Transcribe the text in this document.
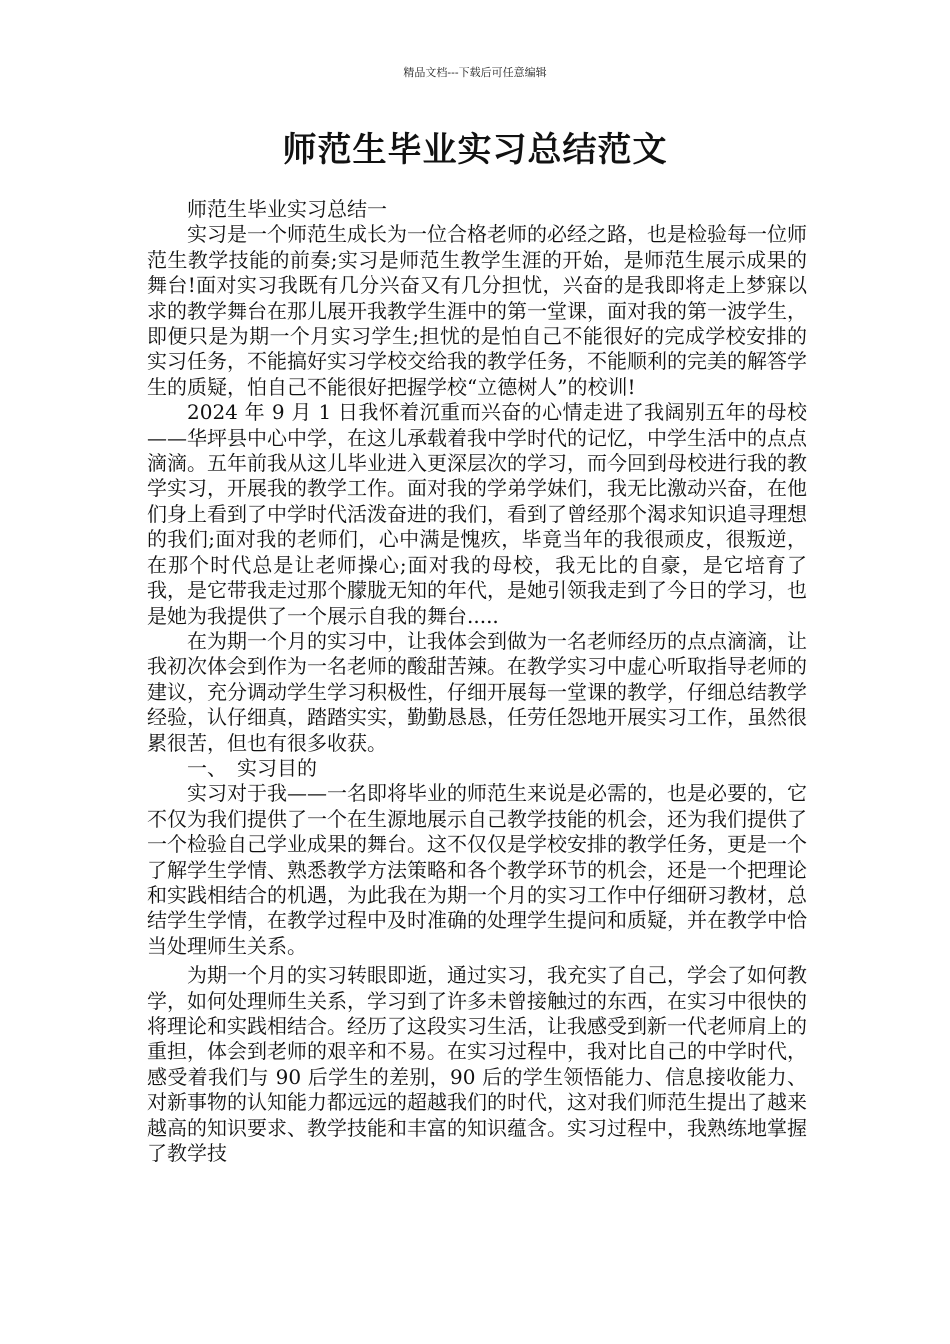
精品文档---下载后可任意编辑
师范生毕业实习总结范文

师范生毕业实习总结一

实习是一个师范生成长为一位合格老师的必经之路，也是检验每一位师范生教学技能的前奏;实习是师范生教学生涯的开始，是师范生展示成果的舞台!面对实习我既有几分兴奋又有几分担忧，兴奋的是我即将走上梦寐以求的教学舞台在那儿展开我教学生涯中的第一堂课，面对我的第一波学生，即便只是为期一个月实习学生;担忧的是怕自己不能很好的完成学校安排的实习任务，不能搞好实习学校交给我的教学任务，不能顺利的完美的解答学生的质疑，怕自己不能很好把握学校“立德树人”的校训!

2024 年 9 月 1 日我怀着沉重而兴奋的心情走进了我阔别五年的母校——华坪县中心中学，在这儿承载着我中学时代的记忆，中学生活中的点点滴滴。五年前我从这儿毕业进入更深层次的学习，而今回到母校进行我的教学实习，开展我的教学工作。面对我的学弟学妹们，我无比激动兴奋，在他们身上看到了中学时代活泼奋进的我们，看到了曾经那个渴求知识追寻理想的我们;面对我的老师们，心中满是愧疚，毕竟当年的我很顽皮，很叛逆，在那个时代总是让老师操心;面对我的母校，我无比的自豪，是它培育了我，是它带我走过那个朦胧无知的年代，是她引领我走到了今日的学习，也是她为我提供了一个展示自我的舞台.....

在为期一个月的实习中，让我体会到做为一名老师经历的点点滴滴，让我初次体会到作为一名老师的酸甜苦辣。在教学实习中虚心听取指导老师的建议，充分调动学生学习积极性，仔细开展每一堂课的教学，仔细总结教学经验，认仔细真，踏踏实实，勤勤恳恳，任劳任怨地开展实习工作，虽然很累很苦，但也有很多收获。

一、　实习目的

实习对于我——一名即将毕业的师范生来说是必需的，也是必要的，它不仅为我们提供了一个在生源地展示自己教学技能的机会，还为我们提供了一个检验自己学业成果的舞台。这不仅仅是学校安排的教学任务，更是一个了解学生学情、熟悉教学方法策略和各个教学环节的机会，还是一个把理论和实践相结合的机遇，为此我在为期一个月的实习工作中仔细研习教材，总结学生学情，在教学过程中及时准确的处理学生提问和质疑，并在教学中恰当处理师生关系。

为期一个月的实习转眼即逝，通过实习，我充实了自己，学会了如何教学，如何处理师生关系，学习到了许多未曾接触过的东西，在实习中很快的将理论和实践相结合。经历了这段实习生活，让我感受到新一代老师肩上的重担，体会到老师的艰辛和不易。在实习过程中，我对比自己的中学时代，感受着我们与 90 后学生的差别，90 后的学生领悟能力、信息接收能力、对新事物的认知能力都远远的超越我们的时代，这对我们师范生提出了越来越高的知识要求、教学技能和丰富的知识蕴含。实习过程中，我熟练地掌握了教学技
